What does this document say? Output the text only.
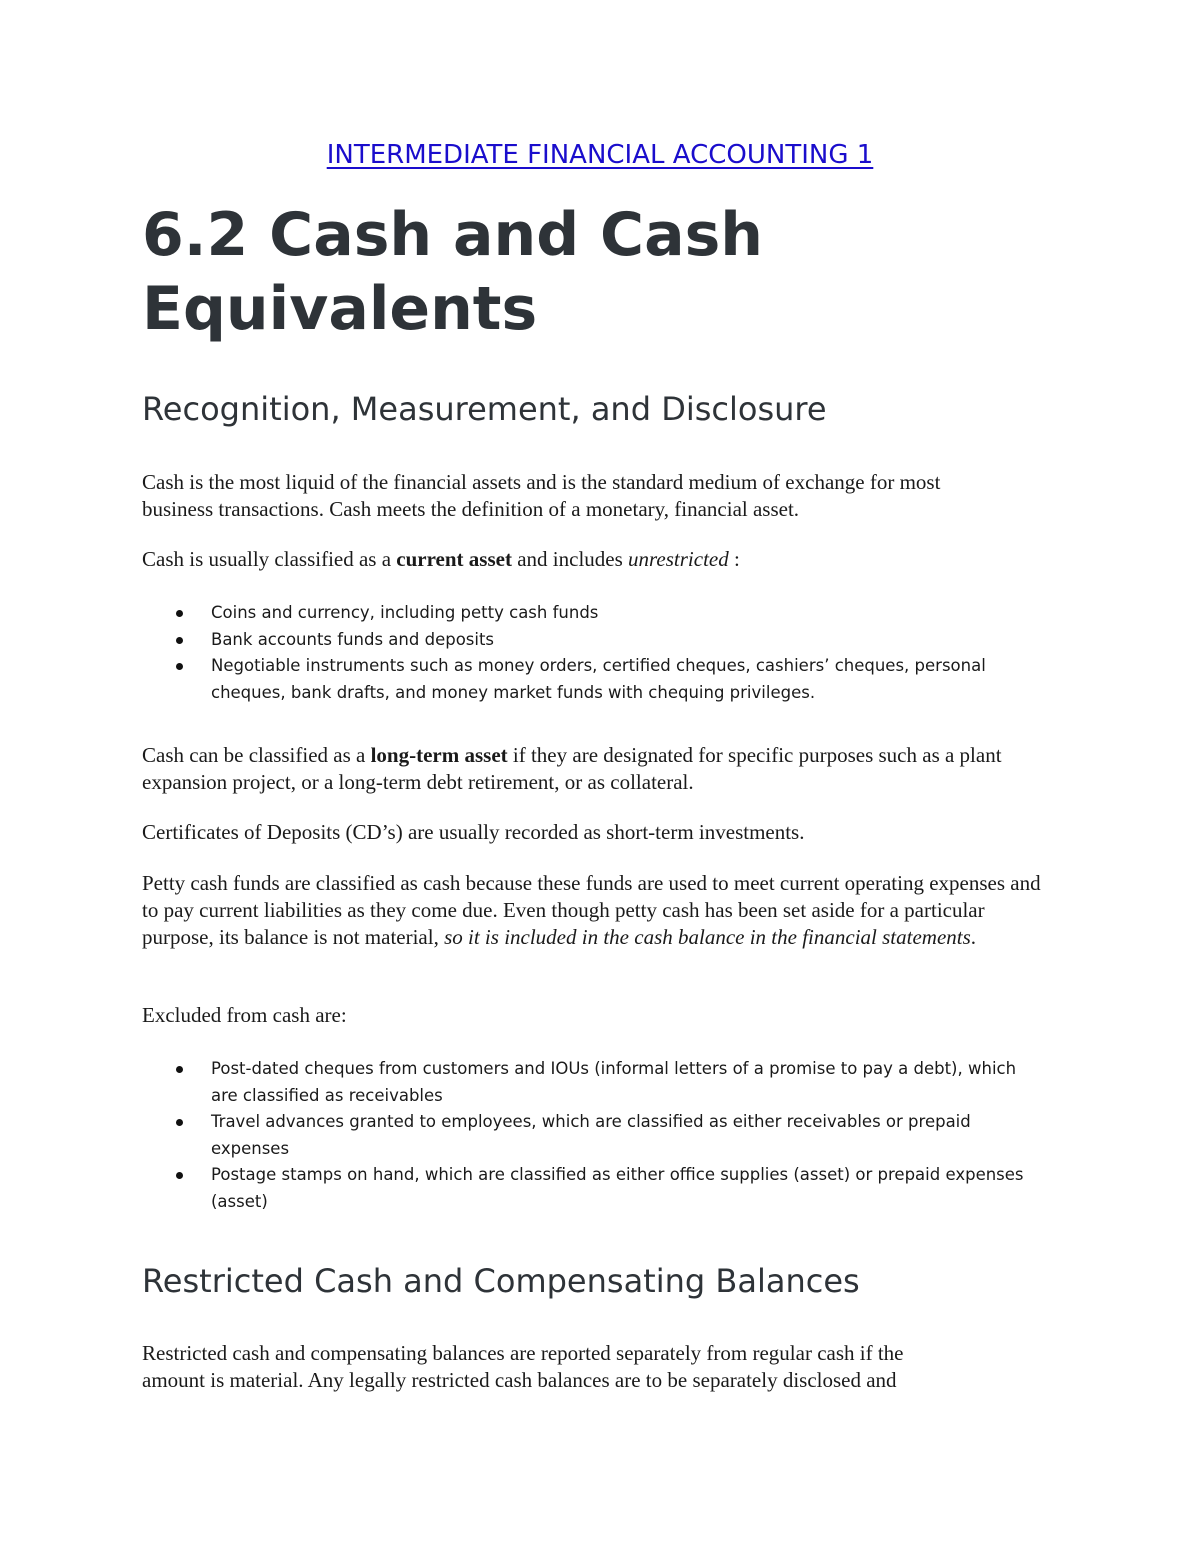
INTERMEDIATE FINANCIAL ACCOUNTING 1
6.2 Cash and Cash
Equivalents
Recognition, Measurement, and Disclosure

Cash is the most liquid of the financial assets and is the standard medium of exchange for most
business transactions. Cash meets the definition of a monetary, financial asset.

Cash is usually classified as a current asset and includes unrestricted :

Coins and currency, including petty cash funds
Bank accounts funds and deposits
Negotiable instruments such as money orders, certified cheques, cashiers’ cheques, personal cheques, bank drafts, and money market funds with chequing privileges.

Cash can be classified as a long-term asset if they are designated for specific purposes such as a plant expansion project, or a long-term debt retirement, or as collateral.

Certificates of Deposits (CD’s) are usually recorded as short-term investments.

Petty cash funds are classified as cash because these funds are used to meet current operating expenses and to pay current liabilities as they come due. Even though petty cash has been set aside for a particular purpose, its balance is not material, so it is included in the cash balance in the financial statements.

Excluded from cash are:

Post-dated cheques from customers and IOUs (informal letters of a promise to pay a debt), which are classified as receivables
Travel advances granted to employees, which are classified as either receivables or prepaid expenses
Postage stamps on hand, which are classified as either office supplies (asset) or prepaid expenses (asset)
Restricted Cash and Compensating Balances

Restricted cash and compensating balances are reported separately from regular cash if the
amount is material. Any legally restricted cash balances are to be separately disclosed and
